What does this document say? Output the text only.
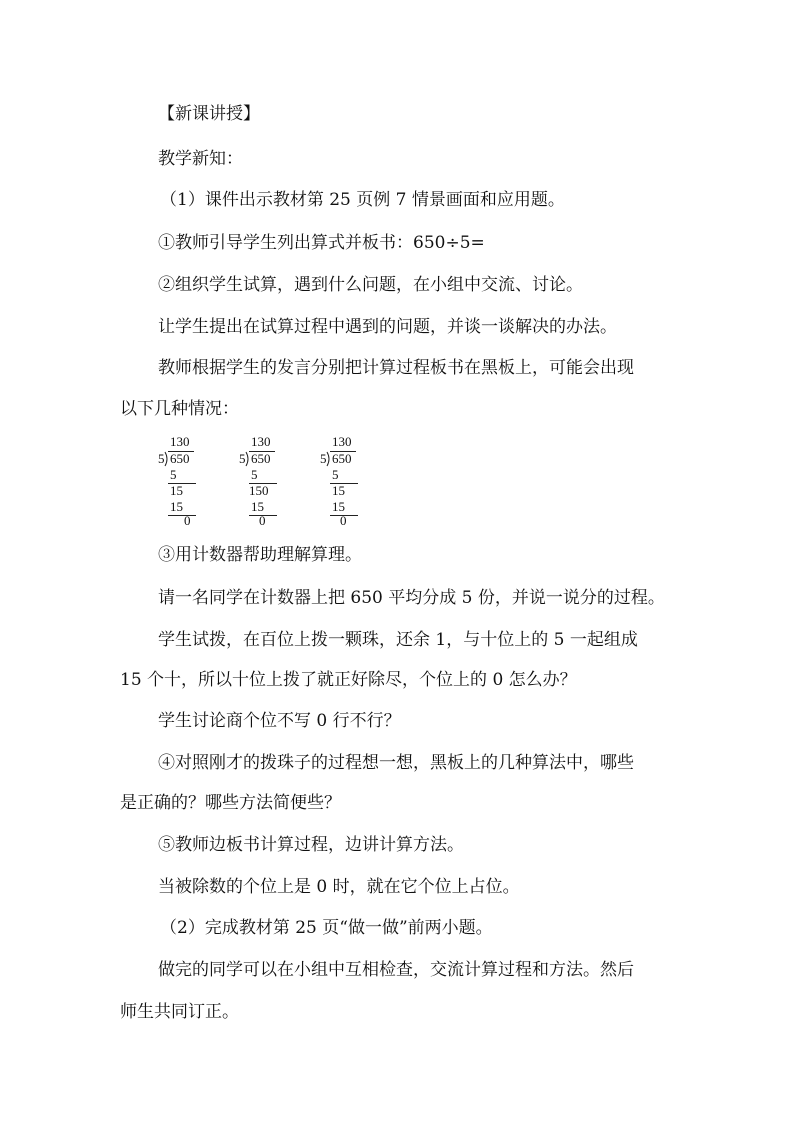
【新课讲授】
教学新知：
（1）课件出示教材第 25 页例 7 情景画面和应用题。
①教师引导学生列出算式并板书：650÷5=
②组织学生试算，遇到什么问题，在小组中交流、讨论。
让学生提出在试算过程中遇到的问题，并谈一谈解决的办法。
教师根据学生的发言分别把计算过程板书在黑板上，可能会出现
以下几种情况：
130
5 650
5
15
15
0
130
5 650
5
150
15
0
130
5 650
5
15
15
0
③用计数器帮助理解算理。
请一名同学在计数器上把 650 平均分成 5 份，并说一说分的过程。
学生试拨，在百位上拨一颗珠，还余 1，与十位上的 5 一起组成
15 个十，所以十位上拨了就正好除尽，个位上的 0 怎么办？
学生讨论商个位不写 0 行不行？
④对照刚才的拨珠子的过程想一想，黑板上的几种算法中，哪些
是正确的？哪些方法简便些？
⑤教师边板书计算过程，边讲计算方法。
当被除数的个位上是 0 时，就在它个位上占位。
（2）完成教材第 25 页“做一做”前两小题。
做完的同学可以在小组中互相检查，交流计算过程和方法。然后
师生共同订正。
